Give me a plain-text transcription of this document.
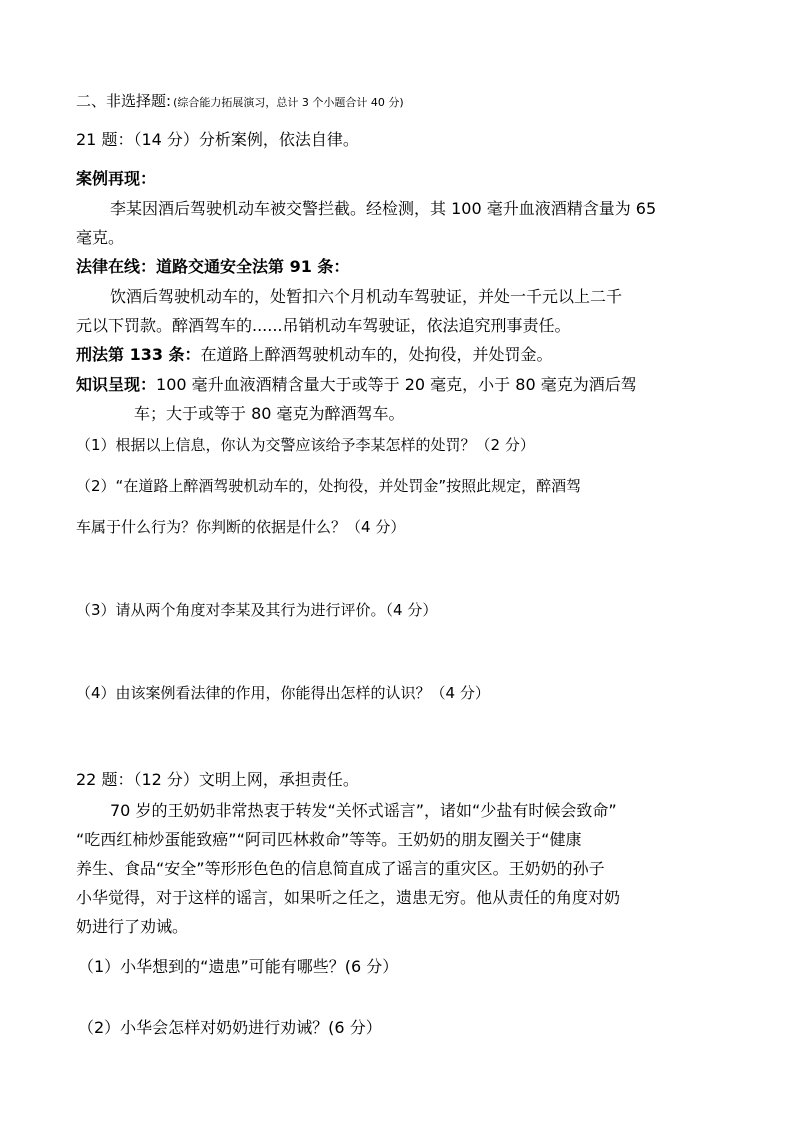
二、非选择题: (综合能力拓展演习，总计 3 个小题合计 40 分)
21 题：（14 分）分析案例，依法自律。
案例再现：
李某因酒后驾驶机动车被交警拦截。经检测，其 100 毫升血液酒精含量为 65
毫克。
法律在线：道路交通安全法第 91 条：
饮酒后驾驶机动车的，处暂扣六个月机动车驾驶证，并处一千元以上二千
元以下罚款。醉酒驾车的......吊销机动车驾驶证，依法追究刑事责任。
刑法第 133 条：在道路上醉酒驾驶机动车的，处拘役，并处罚金。
知识呈现：100 毫升血液酒精含量大于或等于 20 毫克，小于 80 毫克为酒后驾
车；大于或等于 80 毫克为醉酒驾车。
（1）根据以上信息，你认为交警应该给予李某怎样的处罚？（2 分）
（2）“在道路上醉酒驾驶机动车的，处拘役，并处罚金”按照此规定，醉酒驾
车属于什么行为？你判断的依据是什么？（4 分）
（3）请从两个角度对李某及其行为进行评价。（4 分）
（4）由该案例看法律的作用，你能得出怎样的认识？（4 分）
22 题：（12 分）文明上网，承担责任。
70 岁的王奶奶非常热衷于转发“关怀式谣言”，诸如“少盐有时候会致命”
“吃西红柿炒蛋能致癌”“阿司匹林救命”等等。王奶奶的朋友圈关于“健康
养生、食品“安全”等形形色色的信息简直成了谣言的重灾区。王奶奶的孙子
小华觉得，对于这样的谣言，如果听之任之，遗患无穷。他从责任的角度对奶
奶进行了劝诫。
（1）小华想到的“遗患”可能有哪些？(6 分）
（2）小华会怎样对奶奶进行劝诫？(6 分）
